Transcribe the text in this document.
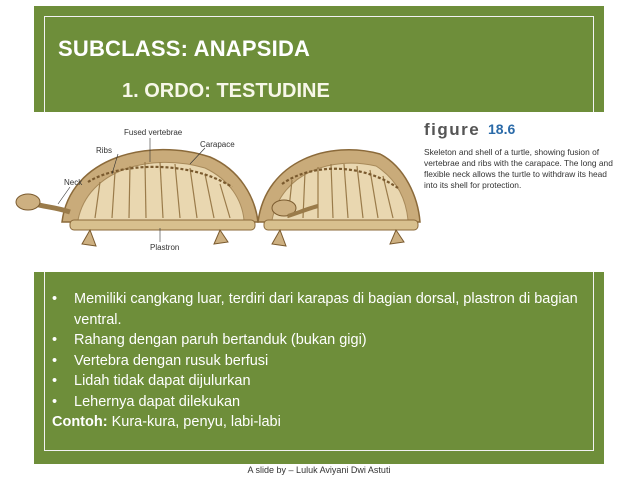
SUBCLASS: ANAPSIDA
1. ORDO: TESTUDINE
Fused vertebrae
Ribs
Carapace
Neck
Plastron
figure 18.6
Skeleton and shell of a turtle, showing fusion of vertebrae and ribs with the carapace. The long and flexible neck allows the turtle to withdraw its head into its shell for protection.
• Memiliki cangkang luar, terdiri dari karapas di bagian dorsal, plastron di bagian ventral.
• Rahang dengan paruh bertanduk (bukan gigi)
• Vertebra dengan rusuk berfusi
• Lidah tidak dapat dijulurkan
• Lehernya dapat dilekukan
Contoh: Kura-kura, penyu, labi-labi
A slide by – Luluk Aviyani Dwi Astuti
